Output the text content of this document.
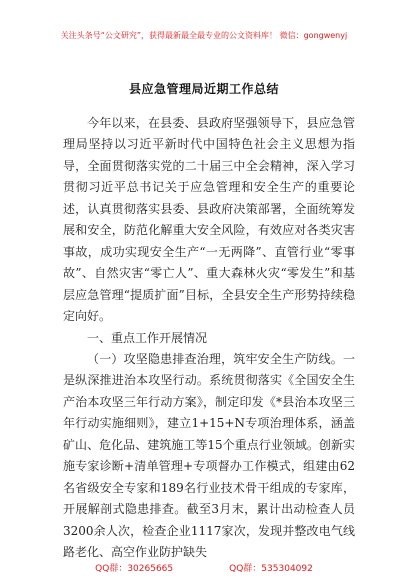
关注头条号“公文研究”，获得最新最全最专业的公文资料库！ 微信：gongwenyj
县应急管理局近期工作总结

今年以来，在县委、县政府坚强领导下，县应急管理局坚持以习近平新时代中国特色社会主义思想为指导，全面贯彻落实党的二十届三中全会精神，深入学习贯彻习近平总书记关于应急管理和安全生产的重要论述，认真贯彻落实县委、县政府决策部署，全面统筹发展和安全，防范化解重大安全风险，有效应对各类灾害事故，成功实现安全生产“一无两降”、直管行业“零事故”、自然灾害“零亡人”、重大森林火灾“零发生”和基层应急管理“提质扩面”目标，全县安全生产形势持续稳定向好。

一、重点工作开展情况

（一）攻坚隐患排查治理，筑牢安全生产防线。一是纵深推进治本攻坚行动。系统贯彻落实《全国安全生产治本攻坚三年行动方案》，制定印发《*县治本攻坚三年行动实施细则》，建立1+15+N专项治理体系，涵盖矿山、危化品、建筑施工等15个重点行业领域。创新实施专家诊断+清单管理+专项督办工作模式，组建由62名省级安全专家和189名行业技术骨干组成的专家库，开展解剖式隐患排查。截至3月末，累计出动检查人员3200余人次，检查企业1117家次，发现并整改电气线路老化、高空作业防护缺失

QQ群：30265665	QQ群：535304092
